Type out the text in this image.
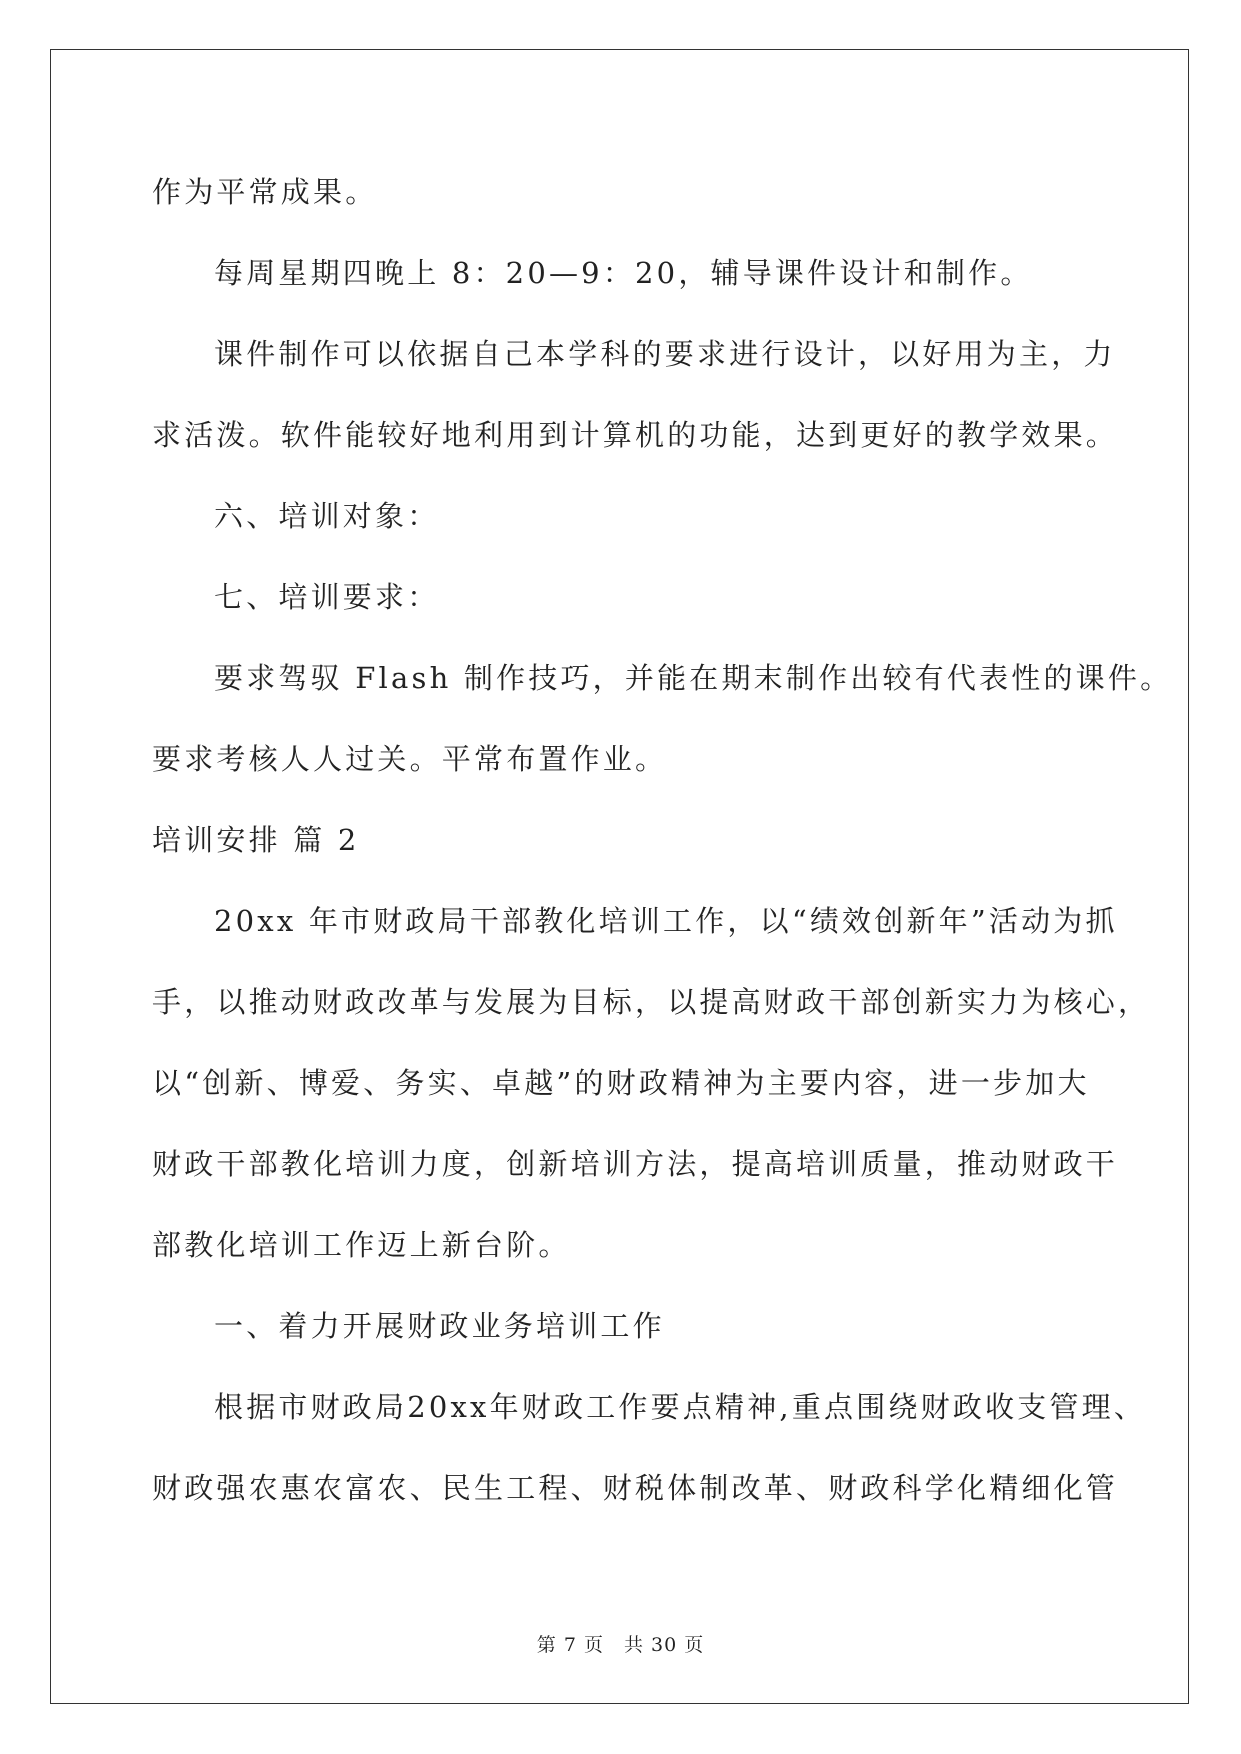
作为平常成果。
每周星期四晚上 8：20—9：20，辅导课件设计和制作。
课件制作可以依据自己本学科的要求进行设计，以好用为主，力
求活泼。软件能较好地利用到计算机的功能，达到更好的教学效果。
六、培训对象：
七、培训要求：
要求驾驭 Flash 制作技巧，并能在期末制作出较有代表性的课件。
要求考核人人过关。平常布置作业。
培训安排 篇 2
20xx 年市财政局干部教化培训工作，以“绩效创新年”活动为抓
手，以推动财政改革与发展为目标，以提高财政干部创新实力为核心，
以“创新、博爱、务实、卓越”的财政精神为主要内容，进一步加大
财政干部教化培训力度，创新培训方法，提高培训质量，推动财政干
部教化培训工作迈上新台阶。
一、着力开展财政业务培训工作
根据市财政局20xx年财政工作要点精神,重点围绕财政收支管理、
财政强农惠农富农、民生工程、财税体制改革、财政科学化精细化管
第 7 页　共 30 页
